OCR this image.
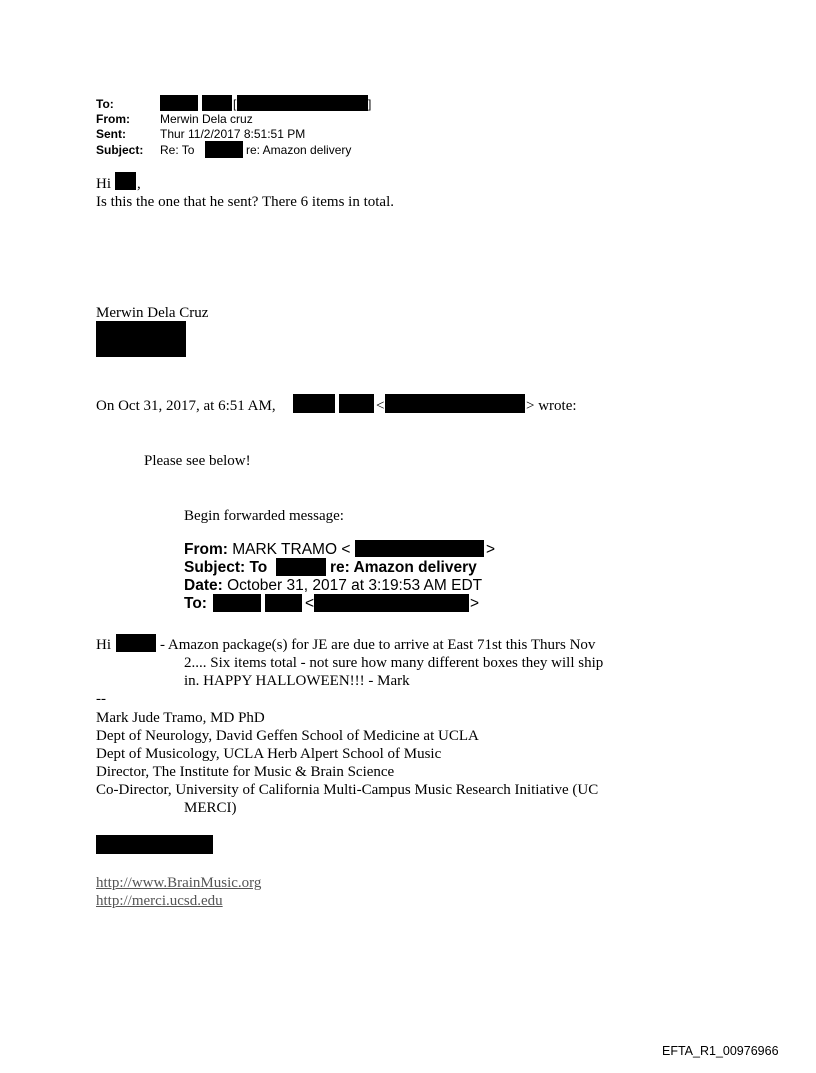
To:	[	]
From:	Merwin Dela cruz
Sent:	Thur 11/2/2017 8:51:51 PM
Subject: Re: To	re: Amazon delivery
Hi ,
Is this the one that he sent? There 6 items in total.
Merwin Dela Cruz
On Oct 31, 2017, at 6:51 AM,	<	> wrote:
Please see below!
Begin forwarded message:
From: MARK TRAMO <	>
Subject: To	re: Amazon delivery
Date: October 31, 2017 at 3:19:53 AM EDT
To:	<	>
Hi	- Amazon package(s) for JE are due to arrive at East 71st this Thurs Nov
2.... Six items total - not sure how many different boxes they will ship
in. HAPPY HALLOWEEN!!! - Mark
--
Mark Jude Tramo, MD PhD
Dept of Neurology, David Geffen School of Medicine at UCLA
Dept of Musicology, UCLA Herb Alpert School of Music
Director, The Institute for Music & Brain Science
Co-Director, University of California Multi-Campus Music Research Initiative (UC
MERCI)
http://www.BrainMusic.org
http://merci.ucsd.edu
EFTA_R1_00976966
